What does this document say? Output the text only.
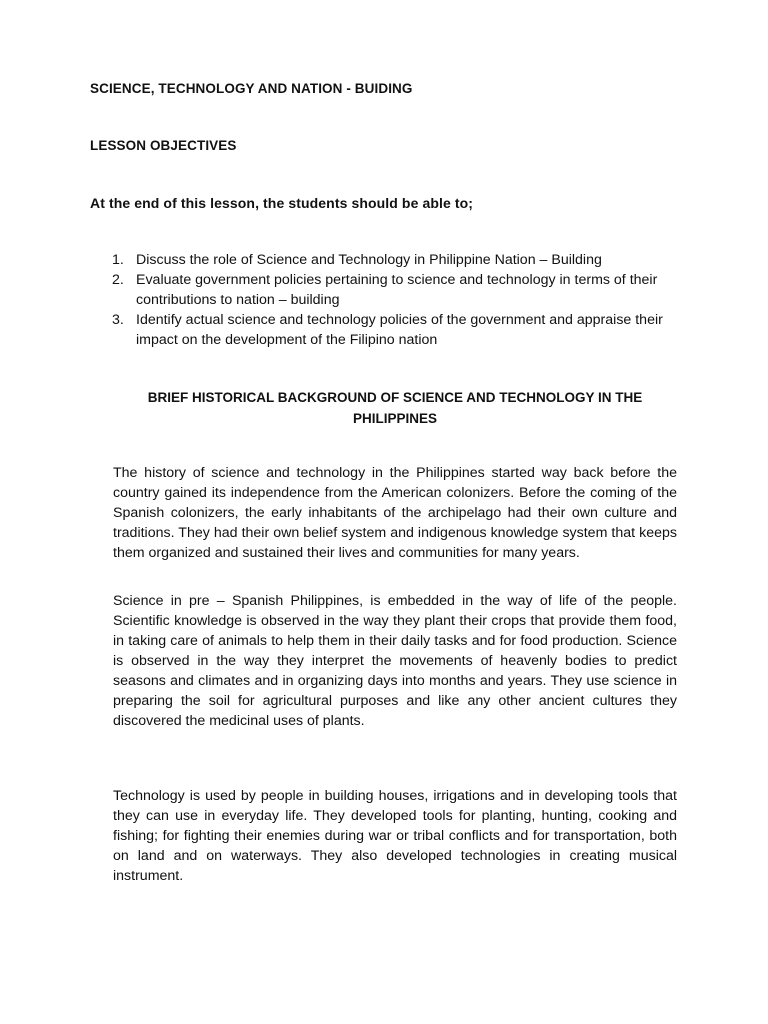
SCIENCE, TECHNOLOGY AND NATION - BUIDING
LESSON OBJECTIVES
At the end of this lesson, the students should be able to;
1. Discuss the role of Science and Technology in Philippine Nation – Building
2. Evaluate government policies pertaining to science and technology in terms of their contributions to nation – building
3. Identify actual science and technology policies of the government and appraise their impact on the development of the Filipino nation
BRIEF HISTORICAL BACKGROUND OF SCIENCE AND TECHNOLOGY IN THE PHILIPPINES

The history of science and technology in the Philippines started way back before the country gained its independence from the American colonizers. Before the coming of the Spanish colonizers, the early inhabitants of the archipelago had their own culture and traditions. They had their own belief system and indigenous knowledge system that keeps them organized and sustained their lives and communities for many years.

Science in pre – Spanish Philippines, is embedded in the way of life of the people. Scientific knowledge is observed in the way they plant their crops that provide them food, in taking care of animals to help them in their daily tasks and for food production. Science is observed in the way they interpret the movements of heavenly bodies to predict seasons and climates and in organizing days into months and years. They use science in preparing the soil for agricultural purposes and like any other ancient cultures they discovered the medicinal uses of plants.

Technology is used by people in building houses, irrigations and in developing tools that they can use in everyday life. They developed tools for planting, hunting, cooking and fishing; for fighting their enemies during war or tribal conflicts and for transportation, both on land and on waterways. They also developed technologies in creating musical instrument.
